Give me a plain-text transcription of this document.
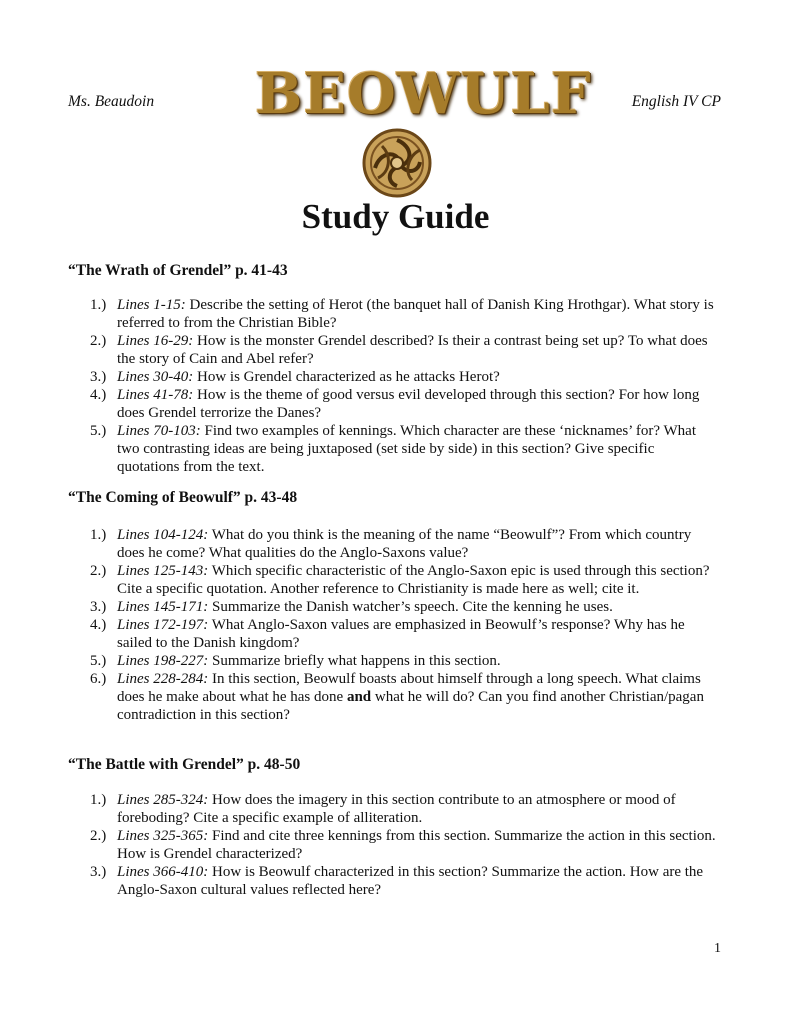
Ms. Beaudoin	English IV CP
BEOWULF
Study Guide
“The Wrath of Grendel” p. 41-43
1.) Lines 1-15: Describe the setting of Herot (the banquet hall of Danish King Hrothgar). What story is referred to from the Christian Bible?
2.) Lines 16-29: How is the monster Grendel described? Is their a contrast being set up? To what does the story of Cain and Abel refer?
3.) Lines 30-40: How is Grendel characterized as he attacks Herot?
4.) Lines 41-78: How is the theme of good versus evil developed through this section? For how long does Grendel terrorize the Danes?
5.) Lines 70-103: Find two examples of kennings. Which character are these ‘nicknames’ for? What two contrasting ideas are being juxtaposed (set side by side) in this section? Give specific quotations from the text.
“The Coming of Beowulf” p. 43-48
1.) Lines 104-124: What do you think is the meaning of the name “Beowulf”? From which country does he come? What qualities do the Anglo-Saxons value?
2.) Lines 125-143: Which specific characteristic of the Anglo-Saxon epic is used through this section? Cite a specific quotation. Another reference to Christianity is made here as well; cite it.
3.) Lines 145-171: Summarize the Danish watcher’s speech. Cite the kenning he uses.
4.) Lines 172-197: What Anglo-Saxon values are emphasized in Beowulf’s response? Why has he sailed to the Danish kingdom?
5.) Lines 198-227: Summarize briefly what happens in this section.
6.) Lines 228-284: In this section, Beowulf boasts about himself through a long speech. What claims does he make about what he has done and what he will do? Can you find another Christian/pagan contradiction in this section?
“The Battle with Grendel” p. 48-50
1.) Lines 285-324: How does the imagery in this section contribute to an atmosphere or mood of foreboding? Cite a specific example of alliteration.
2.) Lines 325-365: Find and cite three kennings from this section. Summarize the action in this section. How is Grendel characterized?
3.) Lines 366-410: How is Beowulf characterized in this section? Summarize the action. How are the Anglo-Saxon cultural values reflected here?
1
